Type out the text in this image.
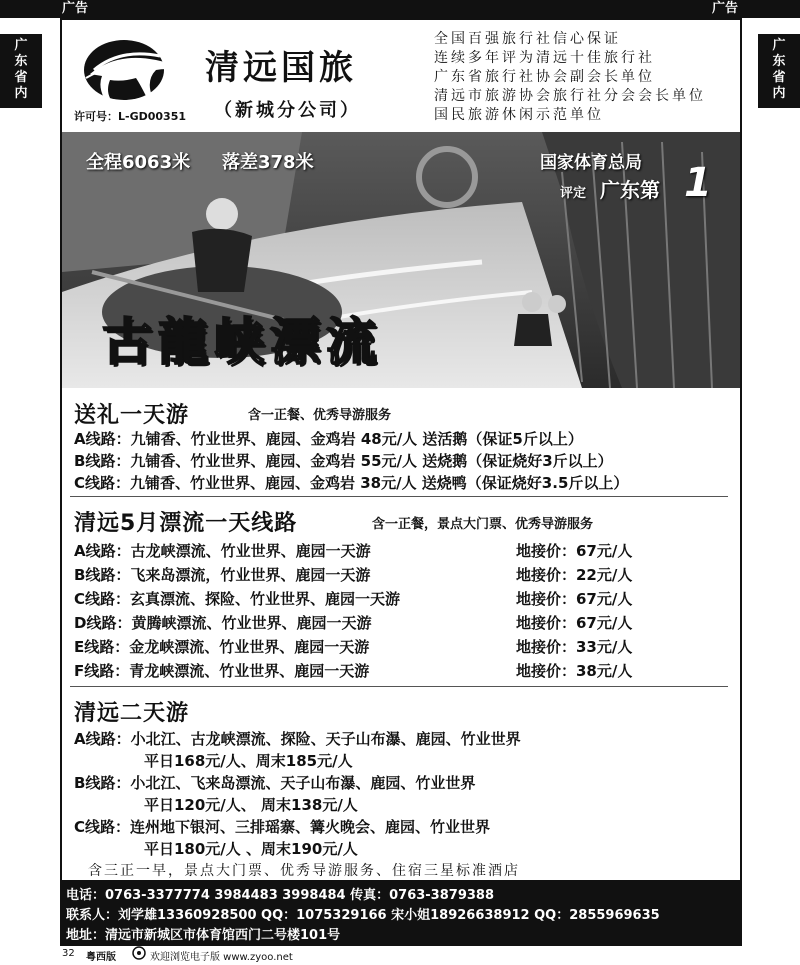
广告	广告
广
东
省
内
广
东
省
内
许可号：L-GD00351
清远国旅
（新城分公司）
全国百强旅行社信心保证
连续多年评为清远十佳旅行社
广东省旅行社协会副会长单位
清远市旅游协会旅行社分会会长单位
国民旅游休闲示范单位
全程6063米 落差378米	国家体育总局
评定 广东第 1
古龍峡漂流
送礼一天游	含一正餐、优秀导游服务
A线路：九铺香、竹业世界、鹿园、金鸡岩 48元/人 送活鹅（保证5斤以上）
B线路：九铺香、竹业世界、鹿园、金鸡岩 55元/人 送烧鹅（保证烧好3斤以上）
C线路：九铺香、竹业世界、鹿园、金鸡岩 38元/人 送烧鸭（保证烧好3.5斤以上）
清远5月漂流一天线路	含一正餐，景点大门票、优秀导游服务
A线路：古龙峡漂流、竹业世界、鹿园一天游	地接价：67元/人
B线路：飞来岛漂流，竹业世界、鹿园一天游	地接价：22元/人
C线路：玄真漂流、探险、竹业世界、鹿园一天游	地接价：67元/人
D线路：黄腾峡漂流、竹业世界、鹿园一天游	地接价：67元/人
E线路：金龙峡漂流、竹业世界、鹿园一天游	地接价：33元/人
F线路：青龙峡漂流、竹业世界、鹿园一天游	地接价：38元/人
清远二天游
A线路：小北江、古龙峡漂流、探险、天子山布瀑、鹿园、竹业世界
平日168元/人、周末185元/人
B线路：小北江、飞来岛漂流、天子山布瀑、鹿园、竹业世界
平日120元/人、 周末138元/人
C线路：连州地下银河、三排瑶寨、篝火晚会、鹿园、竹业世界
平日180元/人 、周末190元/人
含三正一早，景点大门票、优秀导游服务、住宿三星标准酒店
电话：0763-3377774 3984483 3998484 传真：0763-3879388
联系人：刘学雄13360928500 QQ：1075329166 宋小姐18926638912 QQ：2855969635
地址：清远市新城区市体育馆西门二号楼101号
32 粤西版	欢迎浏览电子版 www.zyoo.net
